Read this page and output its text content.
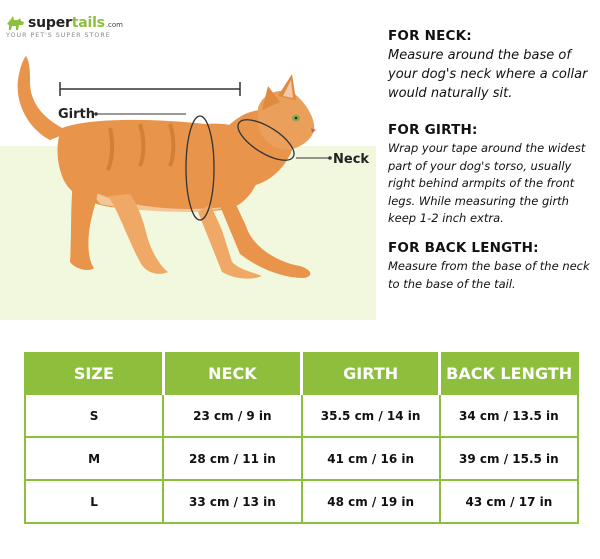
supertails .com
YOUR PET'S SUPER STORE
Girth
Neck
FOR NECK:

Measure around the base of your dog's neck where a collar would naturally sit.

FOR GIRTH:

Wrap your tape around the widest part of your dog's torso, usually right behind armpits of the front legs. While measuring the girth keep 1-2 inch extra.

FOR BACK LENGTH:

Measure from the base of the neck to the base of the tail.

SIZE	NECK	GIRTH	BACK LENGTH
S	23 cm / 9 in	35.5 cm / 14 in	34 cm / 13.5 in
M	28 cm / 11 in	41 cm / 16 in	39 cm / 15.5 in
L	33 cm / 13 in	48 cm / 19 in	43 cm / 17 in
